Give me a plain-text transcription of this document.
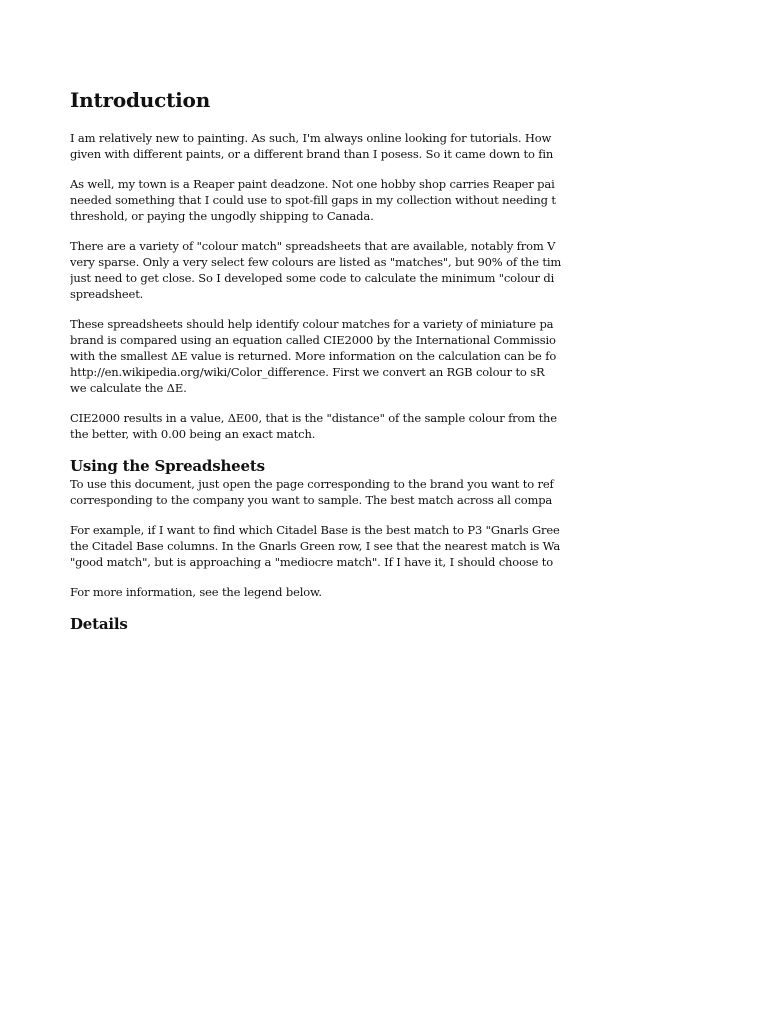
Introduction

I am relatively new to painting. As such, I'm always online looking for tutorials. How
given with different paints, or a different brand than I posess. So it came down to fin

As well, my town is a Reaper paint deadzone. Not one hobby shop carries Reaper pai
needed something that I could use to spot-fill gaps in my collection without needing t
threshold, or paying the ungodly shipping to Canada.

There are a variety of "colour match" spreadsheets that are available, notably from V
very sparse. Only a very select few colours are listed as "matches", but 90% of the tim
just need to get close. So I developed some code to calculate the minimum "colour di
spreadsheet.

These spreadsheets should help identify colour matches for a variety of miniature pa
brand is compared using an equation called CIE2000 by the International Commissio
with the smallest ΔE value is returned. More information on the calculation can be fo
http://en.wikipedia.org/wiki/Color_difference. First we convert an RGB colour to sR
we calculate the ΔE.

CIE2000 results in a value, ΔE00, that is the "distance" of the sample colour from the
the better, with 0.00 being an exact match.

Using the Spreadsheets

To use this document, just open the page corresponding to the brand you want to ref
corresponding to the company you want to sample. The best match across all compa

For example, if I want to find which Citadel Base is the best match to P3 "Gnarls Gree
the Citadel Base columns. In the Gnarls Green row, I see that the nearest match is Wa
"good match", but is approaching a "mediocre match". If I have it, I should choose to

For more information, see the legend below.

Details
